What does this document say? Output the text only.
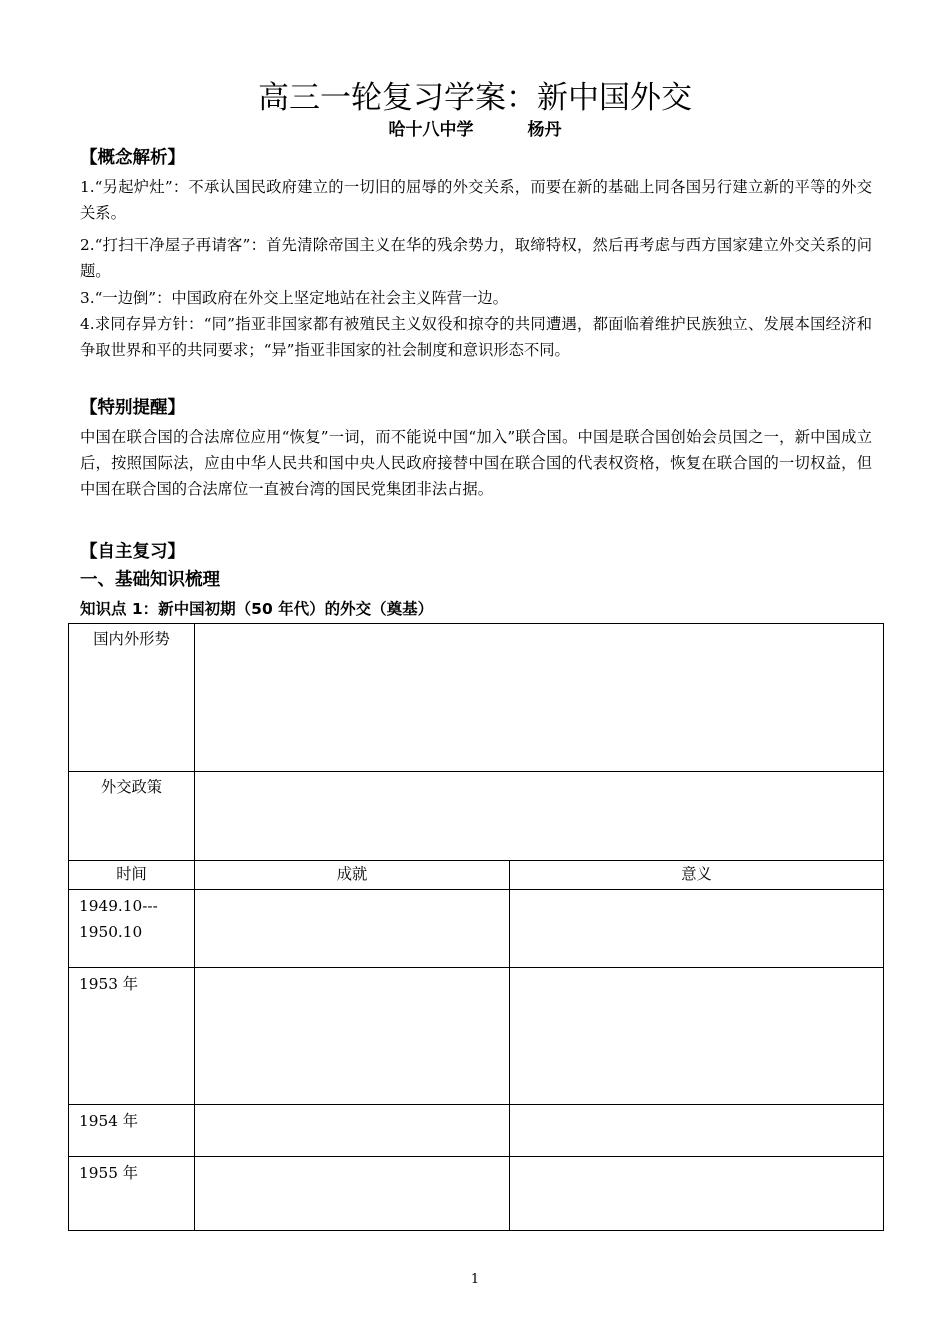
高三一轮复习学案：新中国外交
哈十八中学	杨丹
【概念解析】

1.“另起炉灶”：不承认国民政府建立的一切旧的屈辱的外交关系，而要在新的基础上同各国另行建立新的平等的外交关系。

2.“打扫干净屋子再请客”：首先清除帝国主义在华的残余势力，取缔特权，然后再考虑与西方国家建立外交关系的问题。

3.“一边倒”：中国政府在外交上坚定地站在社会主义阵营一边。

4.求同存异方针：“同”指亚非国家都有被殖民主义奴役和掠夺的共同遭遇，都面临着维护民族独立、发展本国经济和争取世界和平的共同要求；“异”指亚非国家的社会制度和意识形态不同。

【特别提醒】

中国在联合国的合法席位应用“恢复”一词，而不能说中国“加入”联合国。中国是联合国创始会员国之一，新中国成立后，按照国际法，应由中华人民共和国中央人民政府接替中国在联合国的代表权资格，恢复在联合国的一切权益，但中国在联合国的合法席位一直被台湾的国民党集团非法占据。

【自主复习】
一、基础知识梳理
知识点 1：新中国初期（50 年代）的外交（奠基）
国内外形势		
外交政策		
时间	成就	意义
1949.10---
1950.10		
1953 年		
1954 年		
1955 年		
1
